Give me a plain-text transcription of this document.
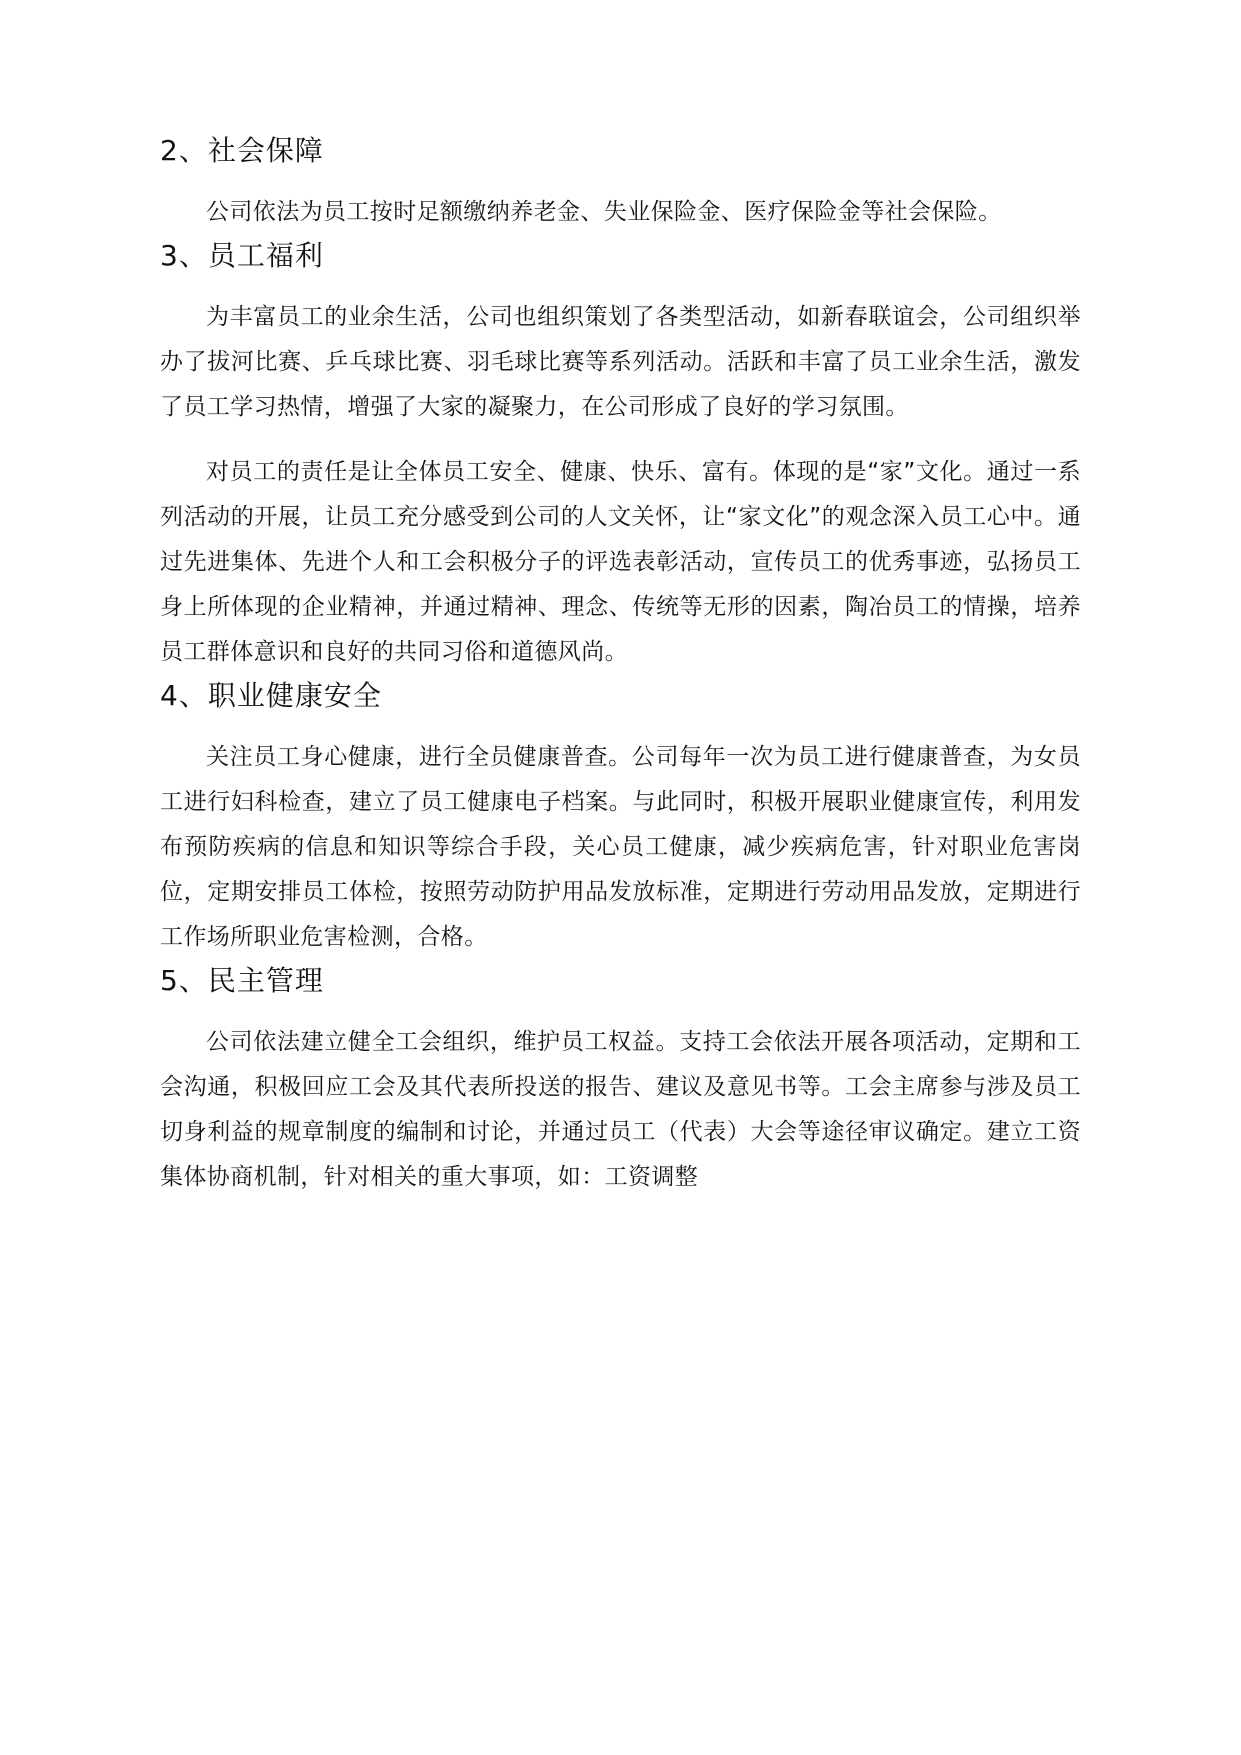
2、社会保障

公司依法为员工按时足额缴纳养老金、失业保险金、医疗保险金等社会保险。

3、员工福利

为丰富员工的业余生活，公司也组织策划了各类型活动，如新春联谊会，公司组织举办了拔河比赛、乒乓球比赛、羽毛球比赛等系列活动。活跃和丰富了员工业余生活，激发了员工学习热情，增强了大家的凝聚力，在公司形成了良好的学习氛围。

对员工的责任是让全体员工安全、健康、快乐、富有。体现的是“家”文化。通过一系列活动的开展，让员工充分感受到公司的人文关怀，让“家文化”的观念深入员工心中。通过先进集体、先进个人和工会积极分子的评选表彰活动，宣传员工的优秀事迹，弘扬员工身上所体现的企业精神，并通过精神、理念、传统等无形的因素，陶冶员工的情操，培养员工群体意识和良好的共同习俗和道德风尚。

4、职业健康安全

关注员工身心健康，进行全员健康普查。公司每年一次为员工进行健康普查，为女员工进行妇科检查，建立了员工健康电子档案。与此同时，积极开展职业健康宣传，利用发布预防疾病的信息和知识等综合手段，关心员工健康，减少疾病危害，针对职业危害岗位，定期安排员工体检，按照劳动防护用品发放标准，定期进行劳动用品发放，定期进行工作场所职业危害检测，合格。

5、民主管理

公司依法建立健全工会组织，维护员工权益。支持工会依法开展各项活动，定期和工会沟通，积极回应工会及其代表所投送的报告、建议及意见书等。工会主席参与涉及员工切身利益的规章制度的编制和讨论，并通过员工（代表）大会等途径审议确定。建立工资集体协商机制，针对相关的重大事项，如：工资调整
